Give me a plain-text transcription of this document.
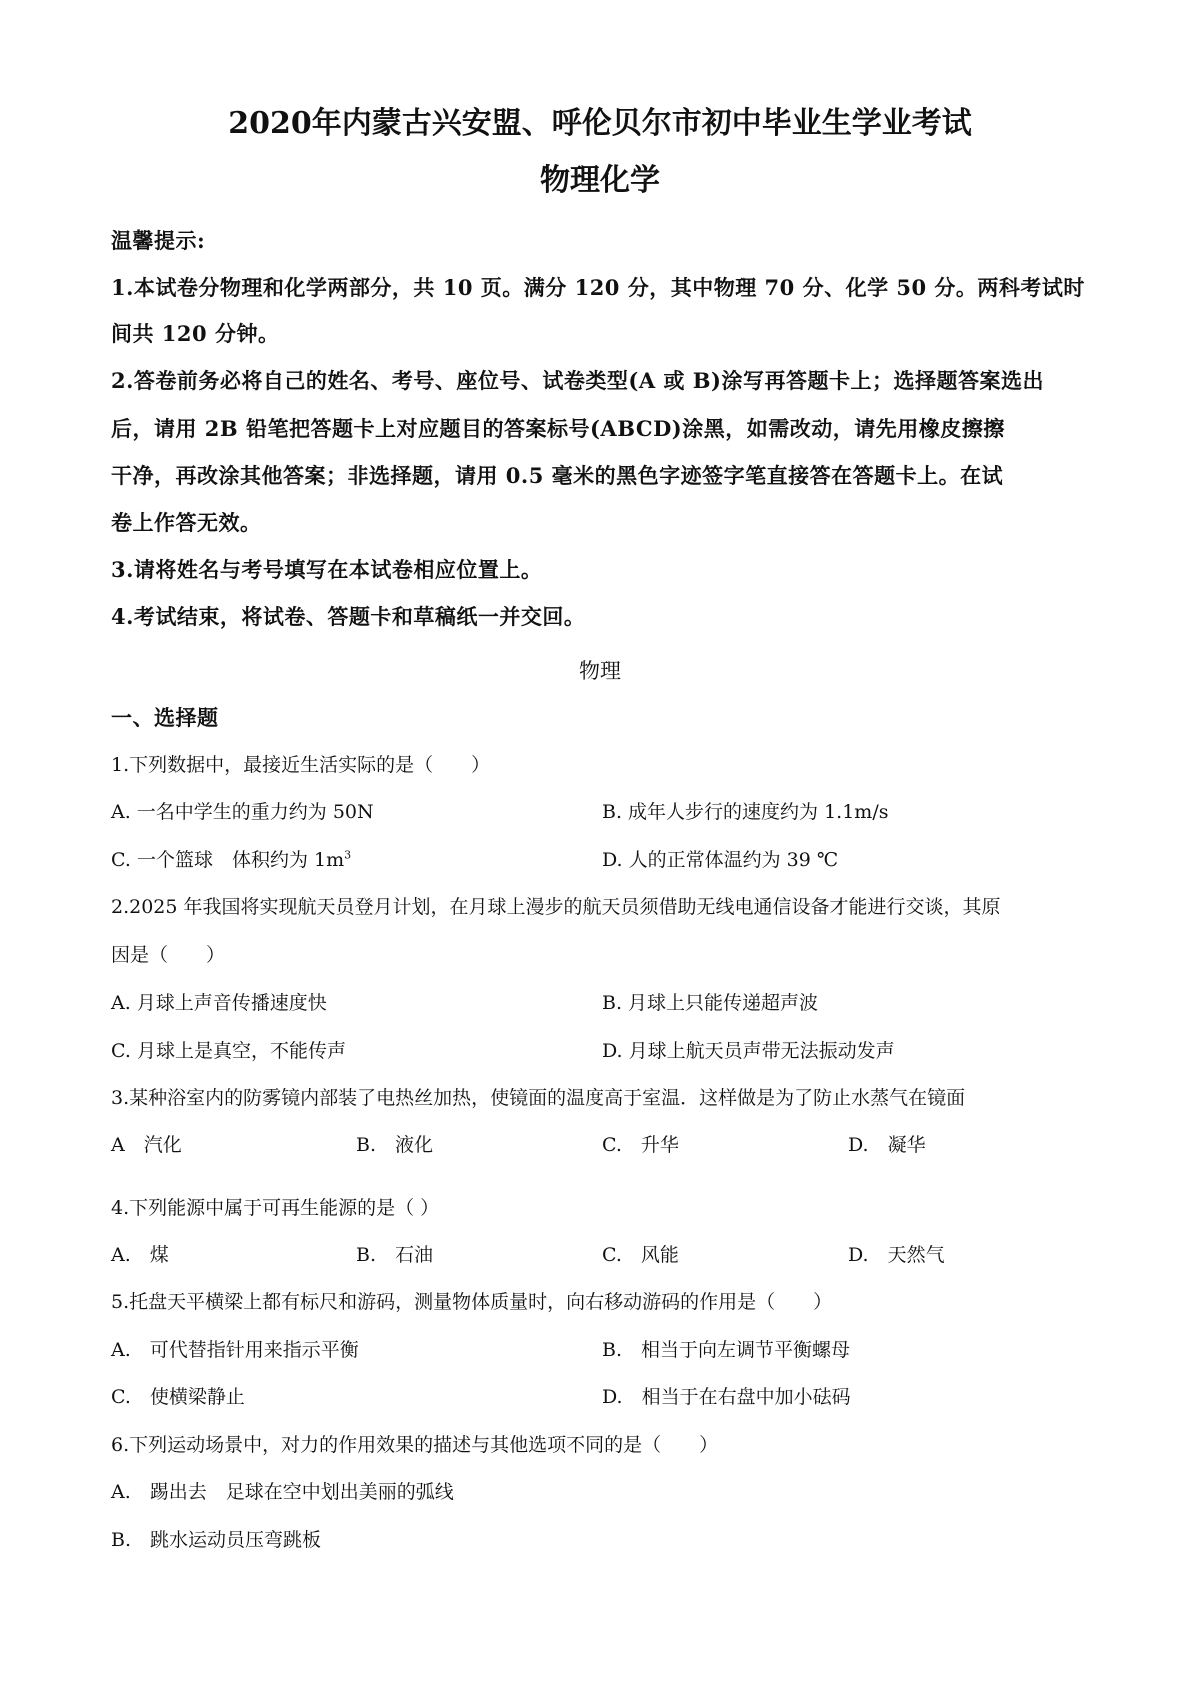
2020年内蒙古兴安盟、呼伦贝尔市初中毕业生学业考试
物理化学
温馨提示:
1.本试卷分物理和化学两部分，共 10 页。满分 120 分，其中物理 70 分、化学 50 分。两科考试时
间共 120 分钟。
2.答卷前务必将自己的姓名、考号、座位号、试卷类型(A 或 B)涂写再答题卡上；选择题答案选出
后，请用 2B 铅笔把答题卡上对应题目的答案标号(ABCD)涂黑，如需改动，请先用橡皮擦擦
干净，再改涂其他答案；非选择题，请用 0.5 毫米的黑色字迹签字笔直接答在答题卡上。在试
卷上作答无效。
3.请将姓名与考号填写在本试卷相应位置上。
4.考试结束，将试卷、答题卡和草稿纸一并交回。
物理
一、选择题
1.下列数据中，最接近生活实际的是（　　）
A. 一名中学生的重力约为 50N	B. 成年人步行的速度约为 1.1m/s
C. 一个篮球　体积约为 $1m^3$	D. 人的正常体温约为 39 ℃
2.2025 年我国将实现航天员登月计划，在月球上漫步的航天员须借助无线电通信设备才能进行交谈，其原
因是（　　）
A. 月球上声音传播速度快	B. 月球上只能传递超声波
C. 月球上是真空，不能传声	D. 月球上航天员声带无法振动发声
3.某种浴室内的防雾镜内部装了电热丝加热，使镜面的温度高于室温．这样做是为了防止水蒸气在镜面
A　汽化	B.　液化	C.　升华	D.　凝华
4.下列能源中属于可再生能源的是（ ）
A.　煤	B.　石油	C.　风能	D.　天然气
5.托盘天平横梁上都有标尺和游码，测量物体质量时，向右移动游码的作用是（　　）
A.　可代替指针用来指示平衡	B.　相当于向左调节平衡螺母
C.　使横梁静止	D.　相当于在右盘中加小砝码
6.下列运动场景中，对力的作用效果的描述与其他选项不同的是（　　）
A.　踢出去　足球在空中划出美丽的弧线
B.　跳水运动员压弯跳板
